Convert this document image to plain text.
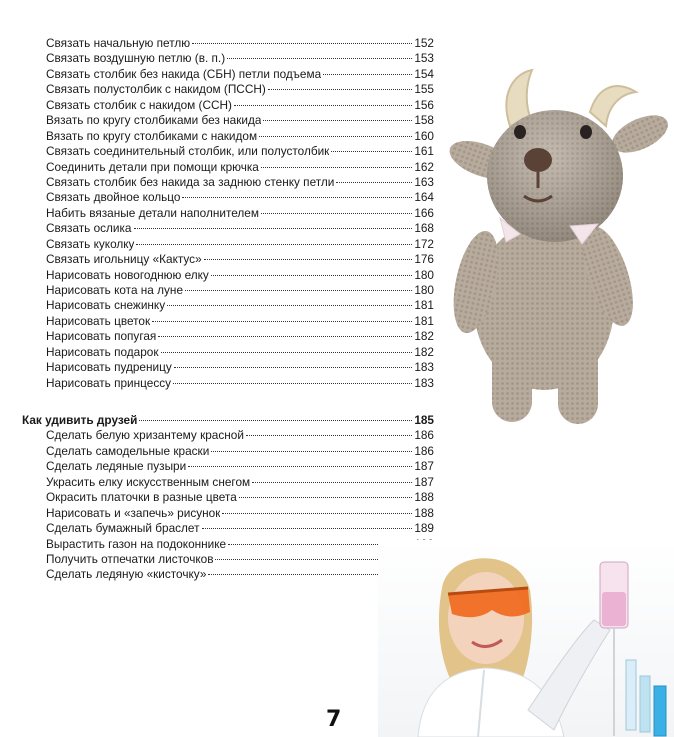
Связать начальную петлю	152
Связать воздушную петлю (в. п.)	153
Связать столбик без накида (СБН) петли подъема	154
Связать полустолбик с накидом (ПССН)	155
Связать столбик с накидом (ССН)	156
Вязать по кругу столбиками без накида	158
Вязать по кругу столбиками с накидом	160
Связать соединительный столбик, или полустолбик	161
Соединить детали при помощи крючка	162
Связать столбик без накида за заднюю стенку петли	163
Связать двойное кольцо	164
Набить вязаные детали наполнителем	166
Связать ослика	168
Связать куколку	172
Связать игольницу «Кактус»	176
Нарисовать новогоднюю елку	180
Нарисовать кота на луне	180
Нарисовать снежинку	181
Нарисовать цветок	181
Нарисовать попугая	182
Нарисовать подарок	182
Нарисовать пудреницу	183
Нарисовать принцессу	183
Как удивить друзей	185
Сделать белую хризантему красной	186
Сделать самодельные краски	186
Сделать ледяные пузыри	187
Украсить елку искусственным снегом	187
Окрасить платочки в разные цвета	188
Нарисовать и «запечь» рисунок	188
Сделать бумажный браслет	189
Вырастить газон на подоконнике
Получить отпечатки листочков
Сделать ледяную «кисточку»
7
